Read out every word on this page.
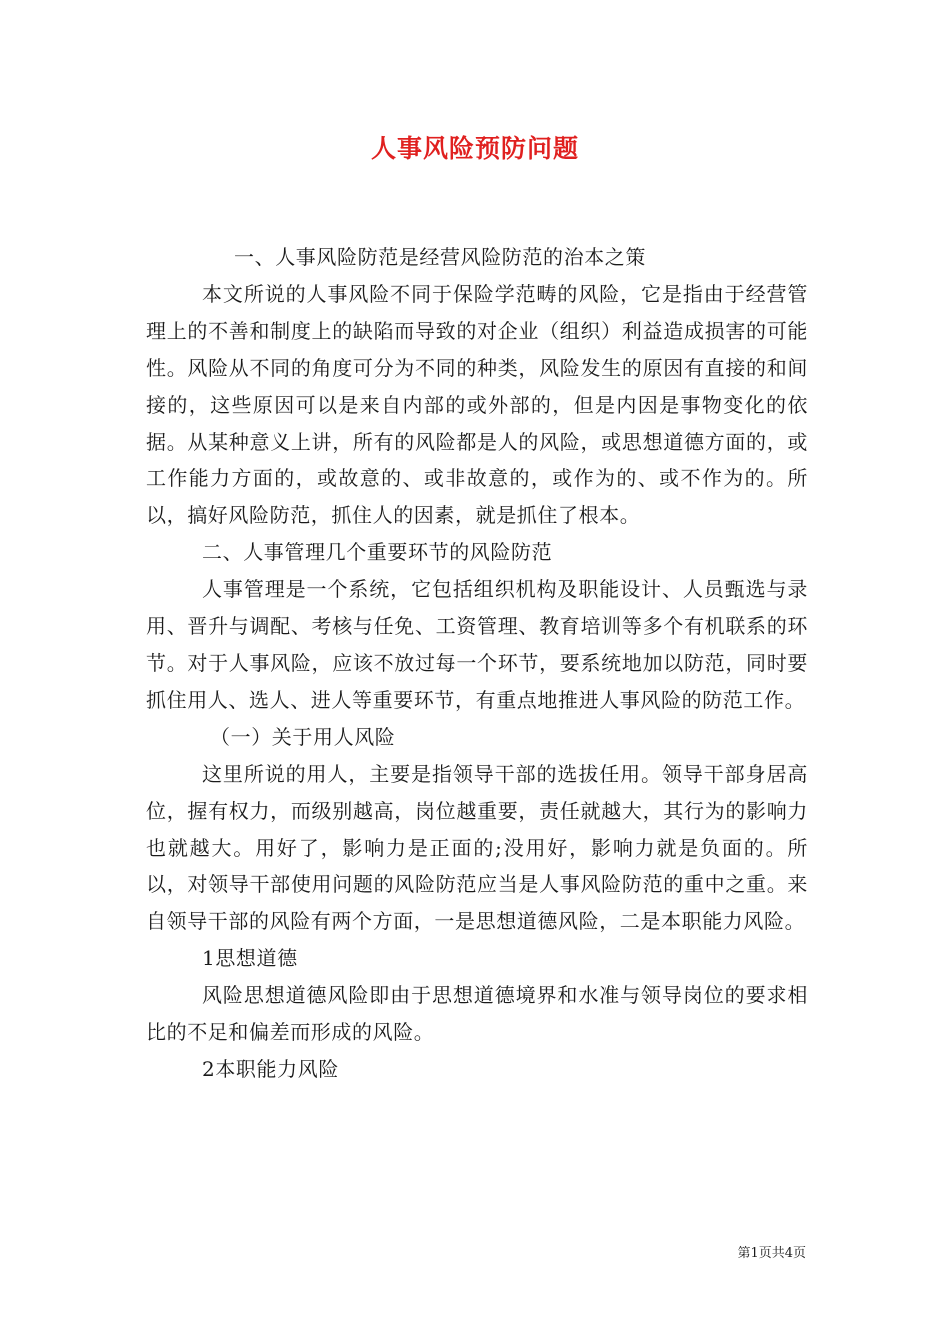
人事风险预防问题

一、人事风险防范是经营风险防范的治本之策

本文所说的人事风险不同于保险学范畴的风险，它是指由于经营管理上的不善和制度上的缺陷而导致的对企业（组织）利益造成损害的可能性。风险从不同的角度可分为不同的种类，风险发生的原因有直接的和间接的，这些原因可以是来自内部的或外部的，但是内因是事物变化的依据。从某种意义上讲，所有的风险都是人的风险，或思想道德方面的，或工作能力方面的，或故意的、或非故意的，或作为的、或不作为的。所以，搞好风险防范，抓住人的因素，就是抓住了根本。

二、人事管理几个重要环节的风险防范

人事管理是一个系统，它包括组织机构及职能设计、人员甄选与录用、晋升与调配、考核与任免、工资管理、教育培训等多个有机联系的环节。对于人事风险，应该不放过每一个环节，要系统地加以防范，同时要抓住用人、选人、进人等重要环节，有重点地推进人事风险的防范工作。

（一）关于用人风险

这里所说的用人，主要是指领导干部的选拔任用。领导干部身居高位，握有权力，而级别越高，岗位越重要，责任就越大，其行为的影响力也就越大。用好了，影响力是正面的;没用好，影响力就是负面的。所以，对领导干部使用问题的风险防范应当是人事风险防范的重中之重。来自领导干部的风险有两个方面，一是思想道德风险，二是本职能力风险。

1思想道德

风险思想道德风险即由于思想道德境界和水准与领导岗位的要求相比的不足和偏差而形成的风险。

2本职能力风险

第1页共4页
